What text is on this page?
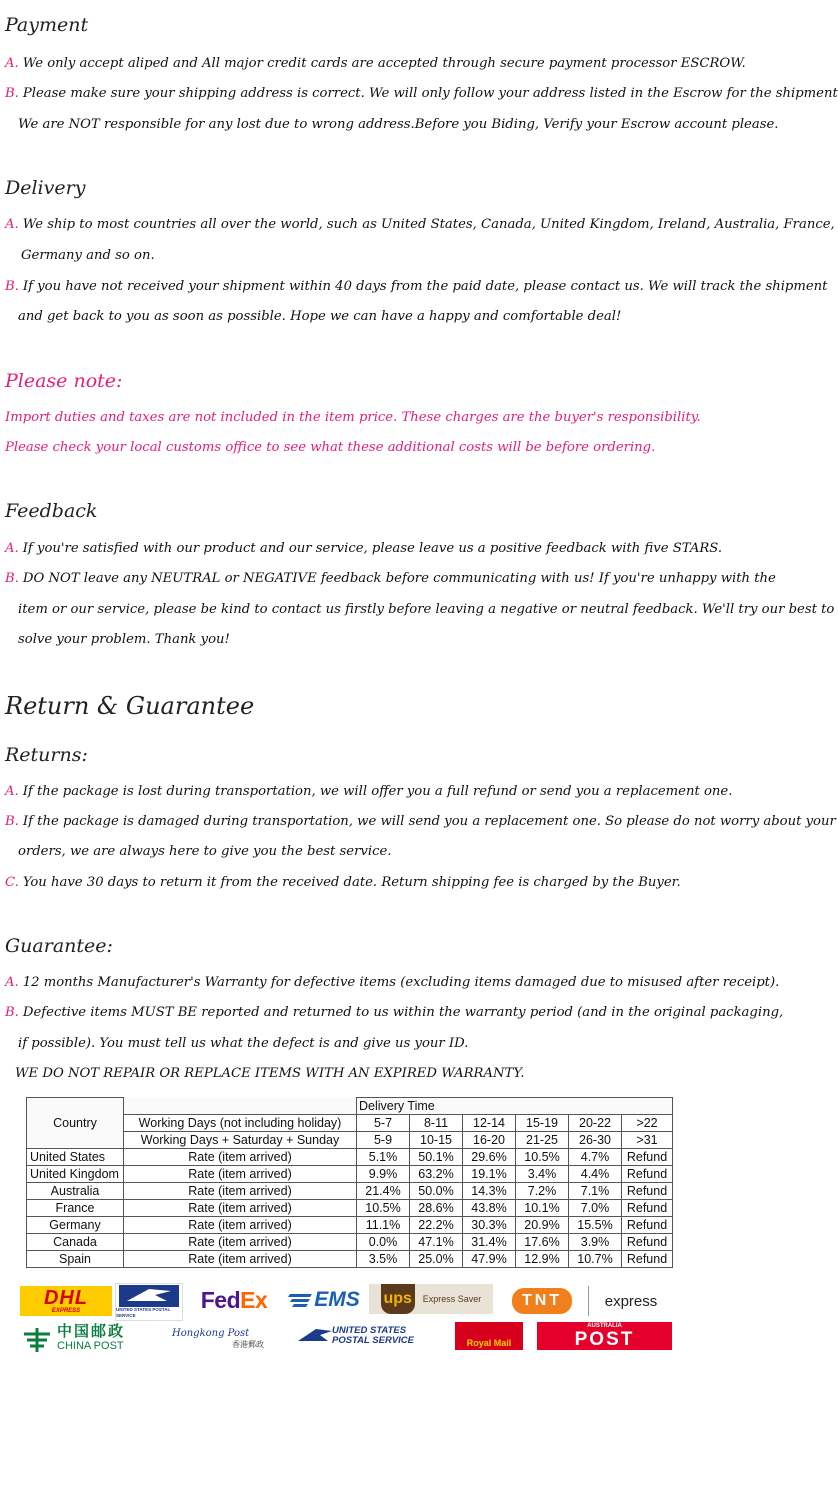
Payment
A. We only accept aliped and All major credit cards are accepted through secure payment processor ESCROW.
B. Please make sure your shipping address is correct. We will only follow your address listed in the Escrow for the shipment
We are NOT responsible for any lost due to wrong address.Before you Biding, Verify your Escrow account please.
Delivery
A. We ship to most countries all over the world, such as United States, Canada, United Kingdom, Ireland, Australia, France,
Germany and so on.
B. If you have not received your shipment within 40 days from the paid date, please contact us. We will track the shipment
and get back to you as soon as possible. Hope we can have a happy and comfortable deal!
Please note:
Import duties and taxes are not included in the item price. These charges are the buyer's responsibility.
Please check your local customs office to see what these additional costs will be before ordering.
Feedback
A. If you're satisfied with our product and our service, please leave us a positive feedback with five STARS.
B. DO NOT leave any NEUTRAL or NEGATIVE feedback before communicating with us! If you're unhappy with the
item or our service, please be kind to contact us firstly before leaving a negative or neutral feedback. We'll try our best to
solve your problem. Thank you!
Return & Guarantee
Returns:
A. If the package is lost during transportation, we will offer you a full refund or send you a replacement one.
B. If the package is damaged during transportation, we will send you a replacement one. So please do not worry about your
orders, we are always here to give you the best service.
C. You have 30 days to return it from the received date. Return shipping fee is charged by the Buyer.
Guarantee:
A. 12 months Manufacturer's Warranty for defective items (excluding items damaged due to misused after receipt).
B. Defective items MUST BE reported and returned to us within the warranty period (and in the original packaging,
if possible). You must tell us what the defect is and give us your ID.
WE DO NOT REPAIR OR REPLACE ITEMS WITH AN EXPIRED WARRANTY.
Country		Delivery Time					
	Working Days (not including holiday)	5-7	8-11	12-14	15-19	20-22	>22
	Working Days + Saturday + Sunday	5-9	10-15	16-20	21-25	26-30	>31
United States	Rate (item arrived)	5.1%	50.1%	29.6%	10.5%	4.7%	Refund
United Kingdom	Rate (item arrived)	9.9%	63.2%	19.1%	3.4%	4.4%	Refund
Australia	Rate (item arrived)	21.4%	50.0%	14.3%	7.2%	7.1%	Refund
France	Rate (item arrived)	10.5%	28.6%	43.8%	10.1%	7.0%	Refund
Germany	Rate (item arrived)	11.1%	22.2%	30.3%	20.9%	15.5%	Refund
Canada	Rate (item arrived)	0.0%	47.1%	31.4%	17.6%	3.9%	Refund
Spain	Rate (item arrived)	3.5%	25.0%	47.9%	12.9%	10.7%	Refund
DHL
EXPRESS	UNITED STATES POSTAL SERVICE
Fed Ex EMS ups	Express Saver	TNT	express
中国邮政
CHINA POST
Hongkong Post
香港郵政
UNITED STATES POSTAL SERVICE	Royal Mail
AUSTRALIA
POST
